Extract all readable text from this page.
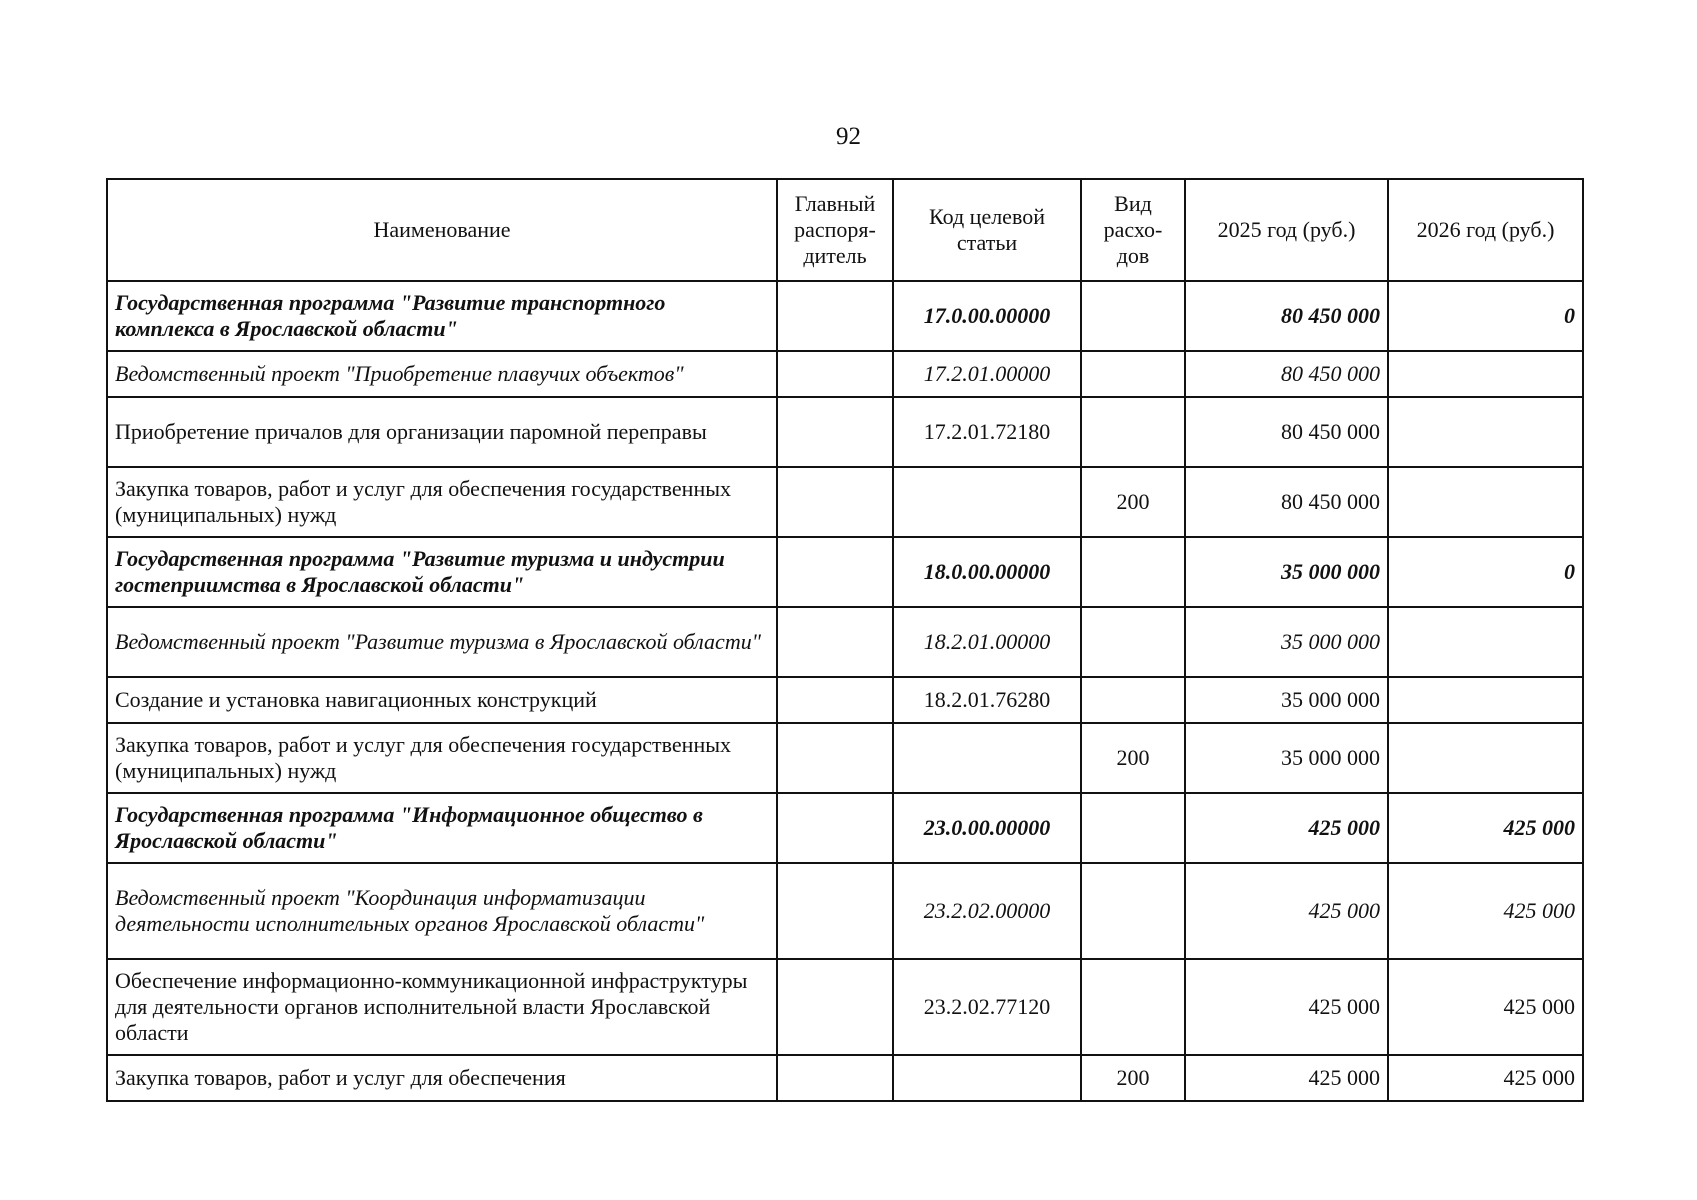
92
Наименование	Главный распоря-дитель	Код целевой статьи	Вид расхо-дов	2025 год (руб.)	2026 год (руб.)
Государственная программа "Развитие транспортного комплекса в Ярославской области"		17.0.00.00000		80 450 000	0
Ведомственный проект "Приобретение плавучих объектов"		17.2.01.00000		80 450 000	
Приобретение причалов для организации паромной переправы		17.2.01.72180		80 450 000	
Закупка товаров, работ и услуг для обеспечения государственных (муниципальных) нужд			200	80 450 000	
Государственная программа "Развитие туризма и индустрии гостеприимства в Ярославской области"		18.0.00.00000		35 000 000	0
Ведомственный проект "Развитие туризма в Ярославской области"		18.2.01.00000		35 000 000	
Создание и установка навигационных конструкций		18.2.01.76280		35 000 000	
Закупка товаров, работ и услуг для обеспечения государственных (муниципальных) нужд			200	35 000 000	
Государственная программа "Информационное общество в Ярославской области"		23.0.00.00000		425 000	425 000
Ведомственный проект "Координация информатизации деятельности исполнительных органов Ярославской области"		23.2.02.00000		425 000	425 000
Обеспечение информационно-коммуникационной инфраструктуры для деятельности органов исполнительной власти Ярославской области		23.2.02.77120		425 000	425 000
Закупка товаров, работ и услуг для обеспечения			200	425 000	425 000
